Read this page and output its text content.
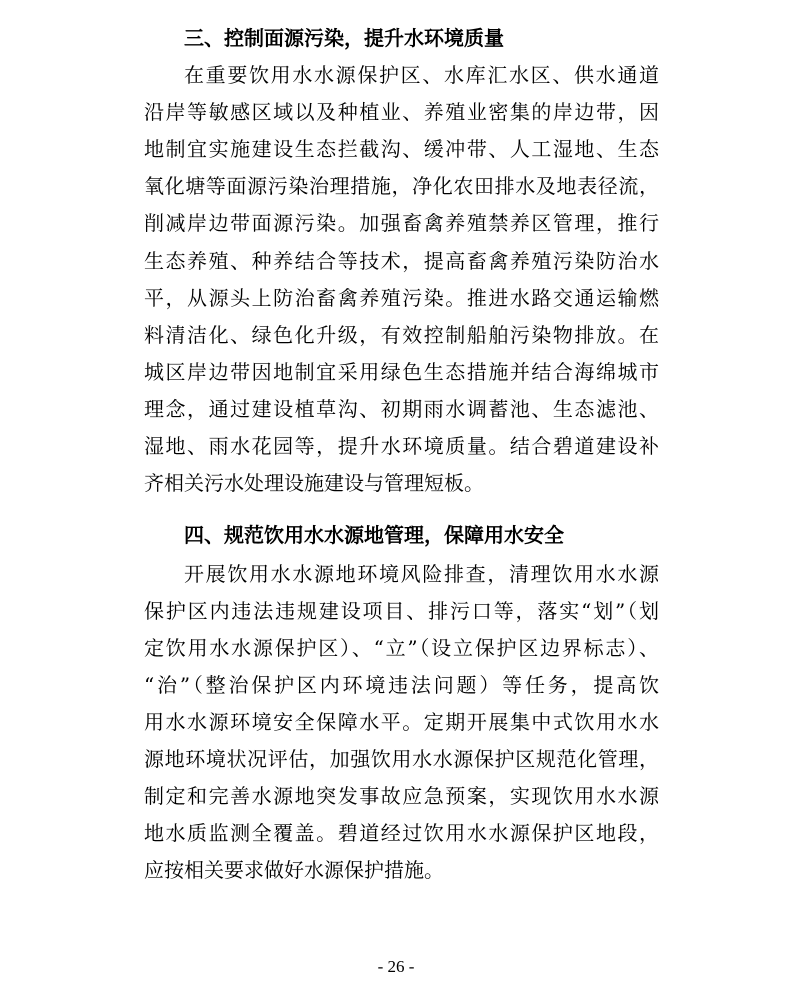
三、控制面源污染，提升水环境质量
在重要饮用水水源保护区、水库汇水区、供水通道
沿岸等敏感区域以及种植业、养殖业密集的岸边带，因
地制宜实施建设生态拦截沟、缓冲带、人工湿地、生态
氧化塘等面源污染治理措施，净化农田排水及地表径流，
削减岸边带面源污染。加强畜禽养殖禁养区管理，推行
生态养殖、种养结合等技术，提高畜禽养殖污染防治水
平，从源头上防治畜禽养殖污染。推进水路交通运输燃
料清洁化、绿色化升级，有效控制船舶污染物排放。在
城区岸边带因地制宜采用绿色生态措施并结合海绵城市
理念，通过建设植草沟、初期雨水调蓄池、生态滤池、
湿地、雨水花园等，提升水环境质量。结合碧道建设补
齐相关污水处理设施建设与管理短板。
四、规范饮用水水源地管理，保障用水安全
开展饮用水水源地环境风险排查，清理饮用水水源
保护区内违法违规建设项目、排污口等，落实“划”（划
定饮用水水源保护区）、“立”（设立保护区边界标志）、
“治”（整治保护区内环境违法问题）等任务，提高饮
用水水源环境安全保障水平。定期开展集中式饮用水水
源地环境状况评估，加强饮用水水源保护区规范化管理，
制定和完善水源地突发事故应急预案，实现饮用水水源
地水质监测全覆盖。碧道经过饮用水水源保护区地段，
应按相关要求做好水源保护措施。
- 26 -
